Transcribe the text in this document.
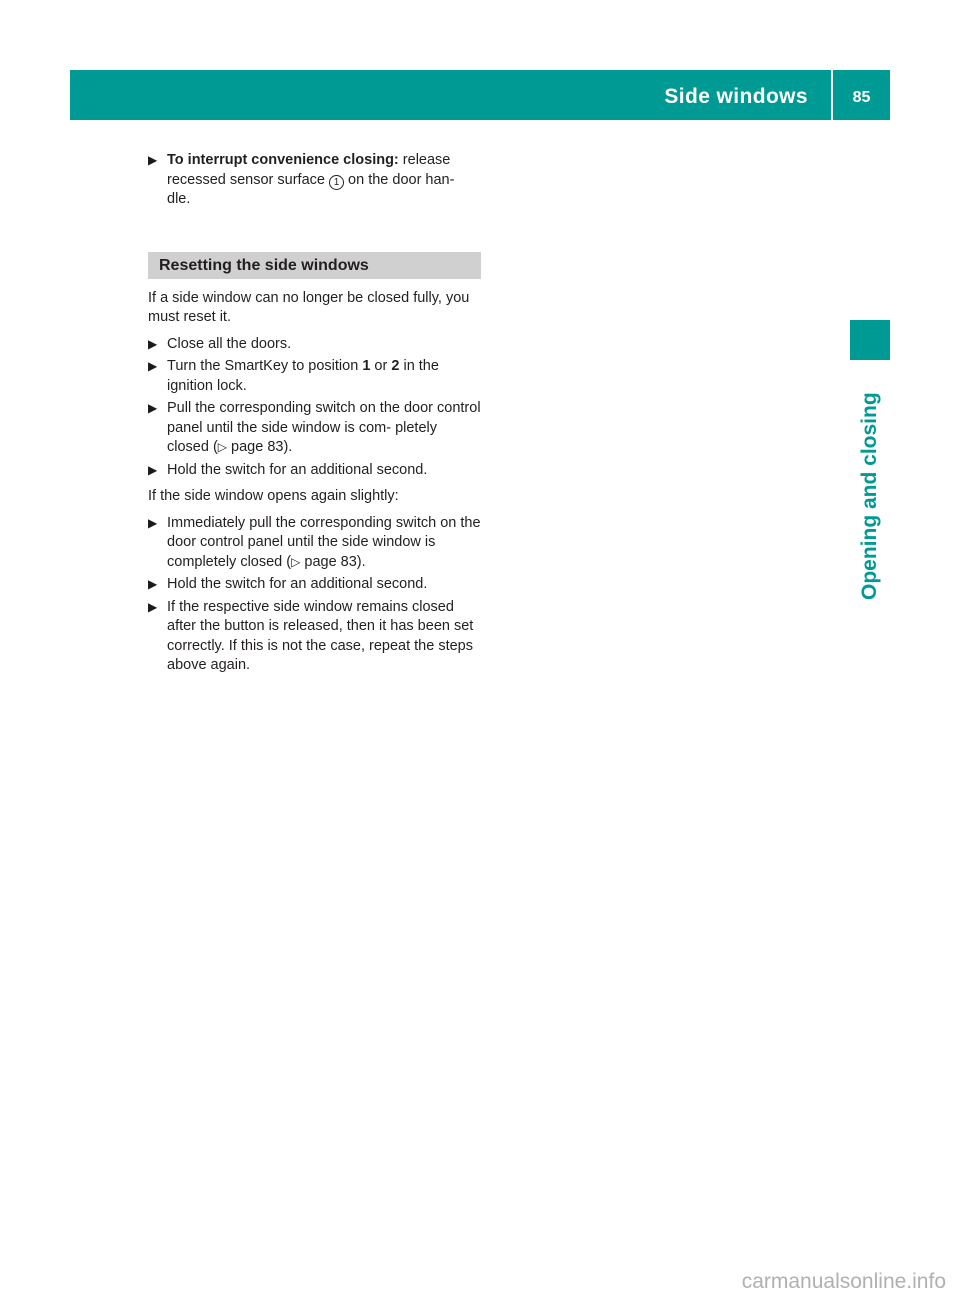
Side windows	85
Opening and closing
▶ To interrupt convenience closing: release recessed sensor surface 1 on the door han- dle.
Resetting the side windows

If a side window can no longer be closed fully, you must reset it.

▶ Close all the doors.
▶ Turn the SmartKey to position 1 or 2 in the ignition lock.
▶ Pull the corresponding switch on the door control panel until the side window is com- pletely closed (▷ page 83).
▶ Hold the switch for an additional second.

If the side window opens again slightly:

▶ Immediately pull the corresponding switch on the door control panel until the side window is completely closed (▷ page 83).
▶ Hold the switch for an additional second.
▶ If the respective side window remains closed after the button is released, then it has been set correctly. If this is not the case, repeat the steps above again.
carmanualsonline.info
